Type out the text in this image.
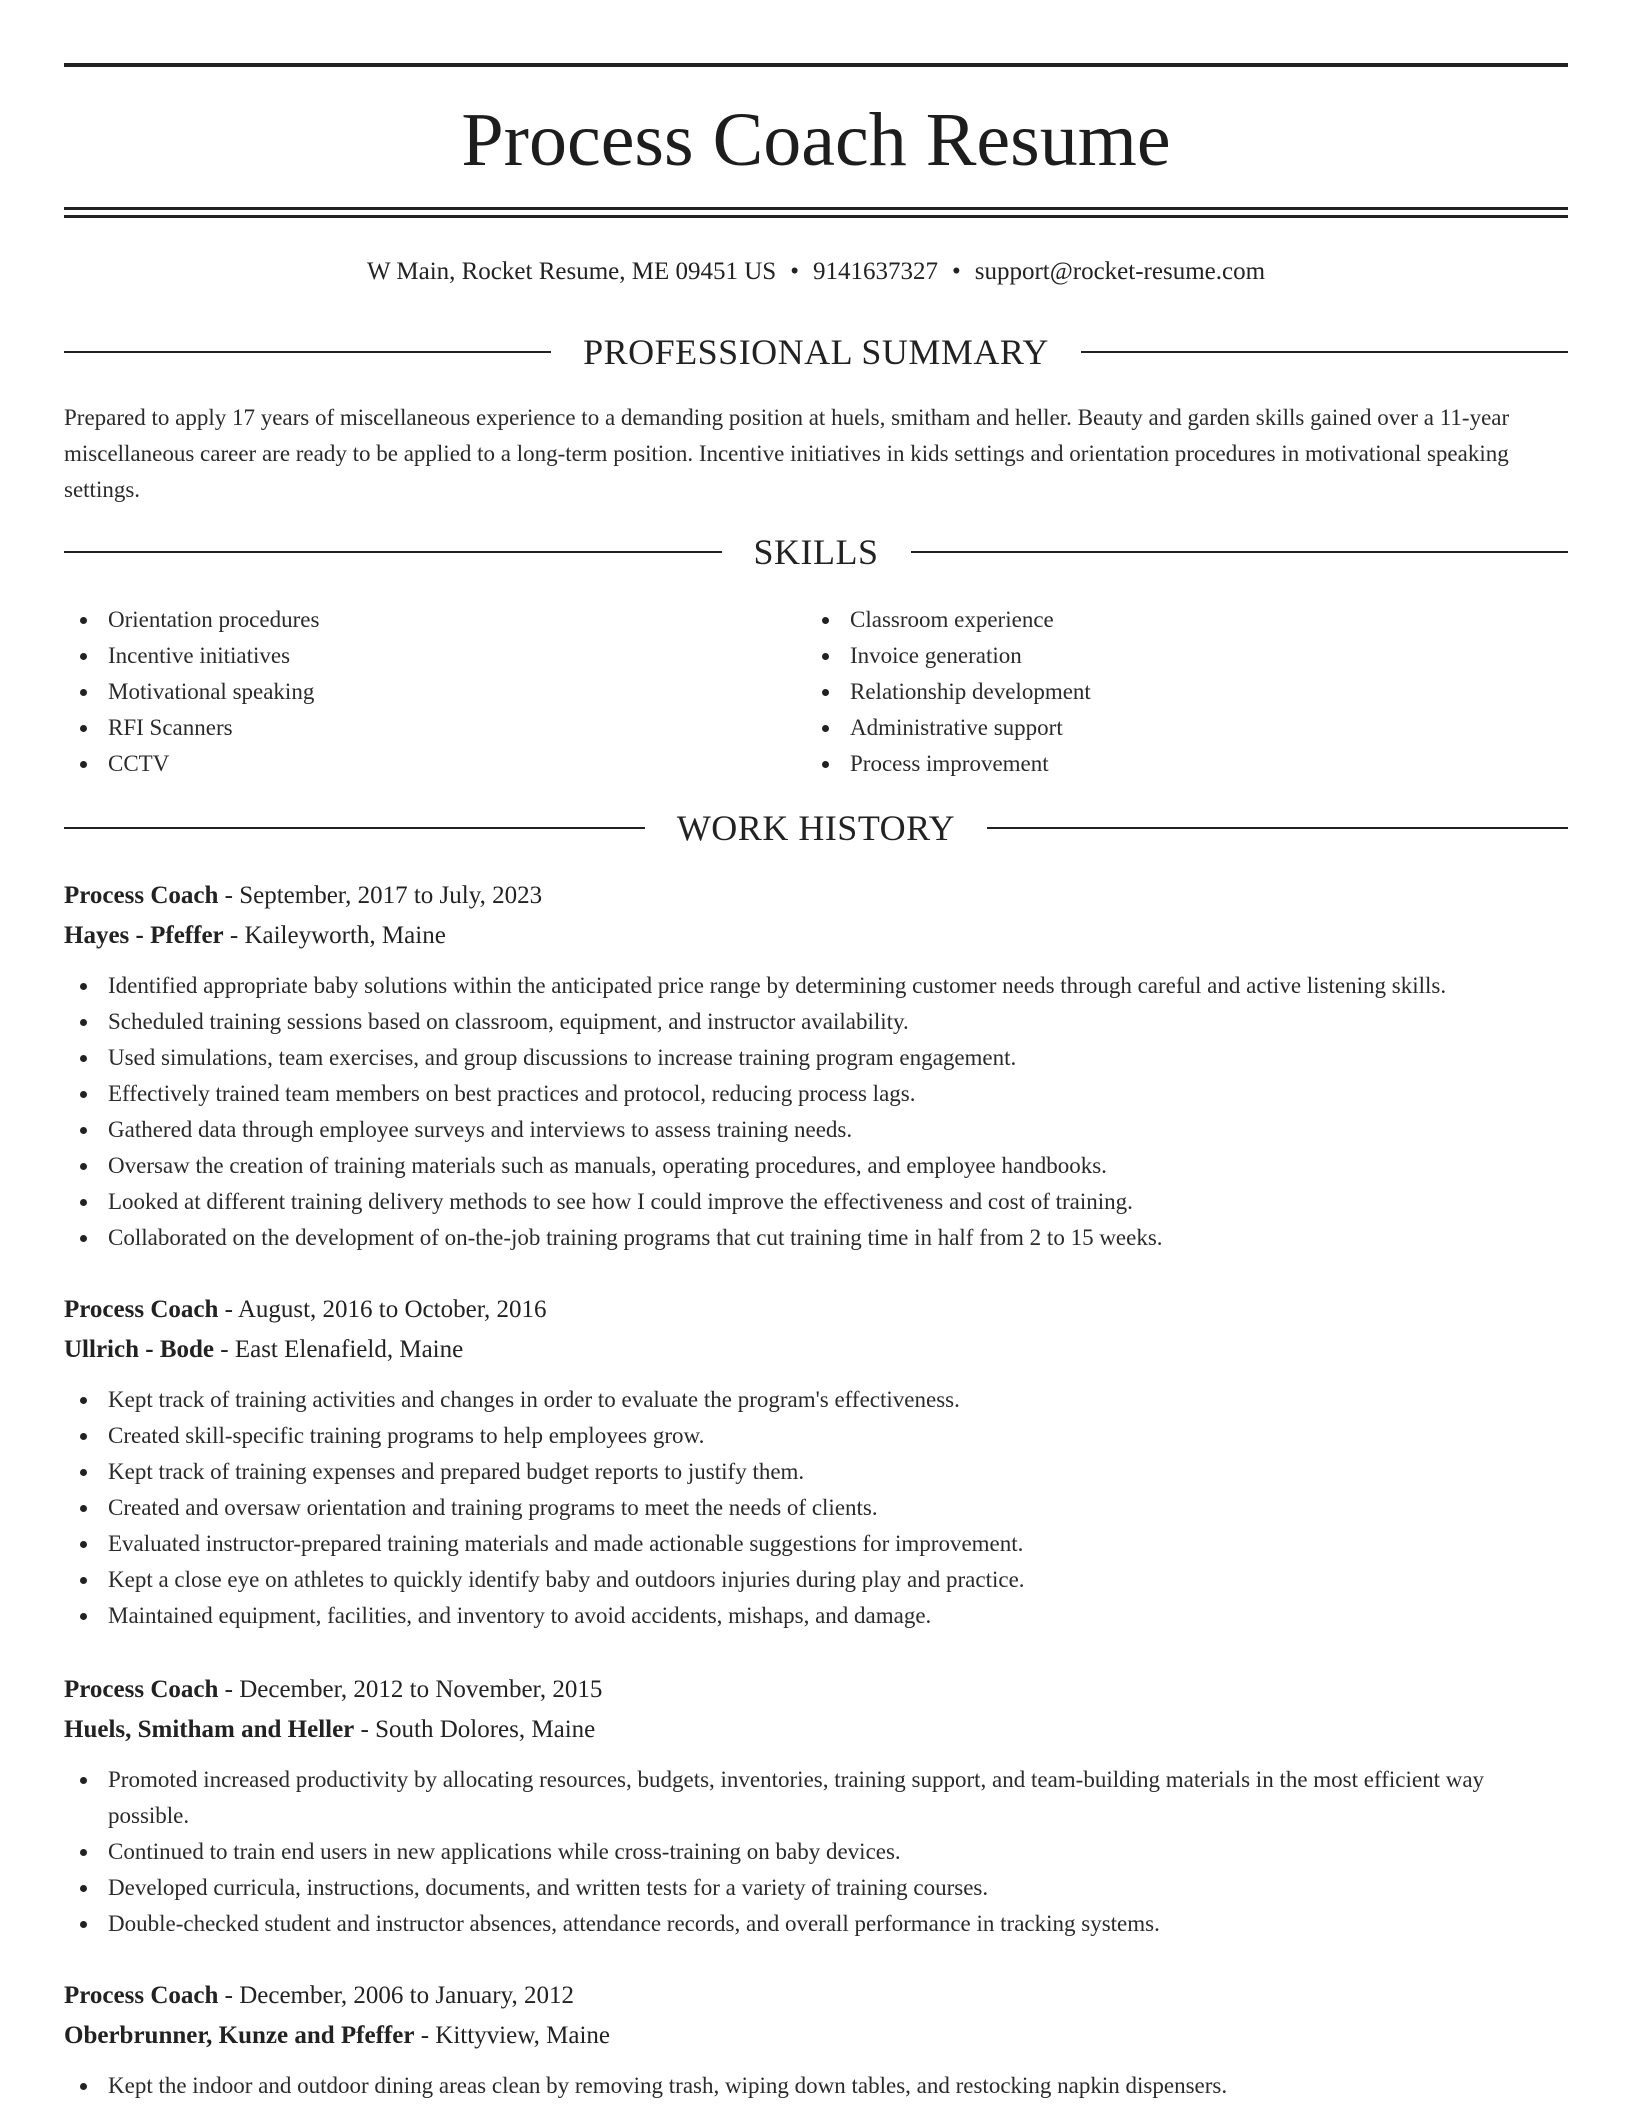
Process Coach Resume
W Main, Rocket Resume, ME 09451 US • 9141637327 • support@rocket-resume.com
PROFESSIONAL SUMMARY

Prepared to apply 17 years of miscellaneous experience to a demanding position at huels, smitham and heller. Beauty and garden skills gained over a 11-year miscellaneous career are ready to be applied to a long-term position. Incentive initiatives in kids settings and orientation procedures in motivational speaking settings.

SKILLS
Orientation procedures
Incentive initiatives
Motivational speaking
RFI Scanners
CCTV
Classroom experience
Invoice generation
Relationship development
Administrative support
Process improvement
WORK HISTORY
Process Coach - September, 2017 to July, 2023
Hayes - Pfeffer - Kaileyworth, Maine
Identified appropriate baby solutions within the anticipated price range by determining customer needs through careful and active listening skills.
Scheduled training sessions based on classroom, equipment, and instructor availability.
Used simulations, team exercises, and group discussions to increase training program engagement.
Effectively trained team members on best practices and protocol, reducing process lags.
Gathered data through employee surveys and interviews to assess training needs.
Oversaw the creation of training materials such as manuals, operating procedures, and employee handbooks.
Looked at different training delivery methods to see how I could improve the effectiveness and cost of training.
Collaborated on the development of on-the-job training programs that cut training time in half from 2 to 15 weeks.
Process Coach - August, 2016 to October, 2016
Ullrich - Bode - East Elenafield, Maine
Kept track of training activities and changes in order to evaluate the program's effectiveness.
Created skill-specific training programs to help employees grow.
Kept track of training expenses and prepared budget reports to justify them.
Created and oversaw orientation and training programs to meet the needs of clients.
Evaluated instructor-prepared training materials and made actionable suggestions for improvement.
Kept a close eye on athletes to quickly identify baby and outdoors injuries during play and practice.
Maintained equipment, facilities, and inventory to avoid accidents, mishaps, and damage.
Process Coach - December, 2012 to November, 2015
Huels, Smitham and Heller - South Dolores, Maine
Promoted increased productivity by allocating resources, budgets, inventories, training support, and team-building materials in the most efficient way possible.
Continued to train end users in new applications while cross-training on baby devices.
Developed curricula, instructions, documents, and written tests for a variety of training courses.
Double-checked student and instructor absences, attendance records, and overall performance in tracking systems.
Process Coach - December, 2006 to January, 2012
Oberbrunner, Kunze and Pfeffer - Kittyview, Maine
Kept the indoor and outdoor dining areas clean by removing trash, wiping down tables, and restocking napkin dispensers.
